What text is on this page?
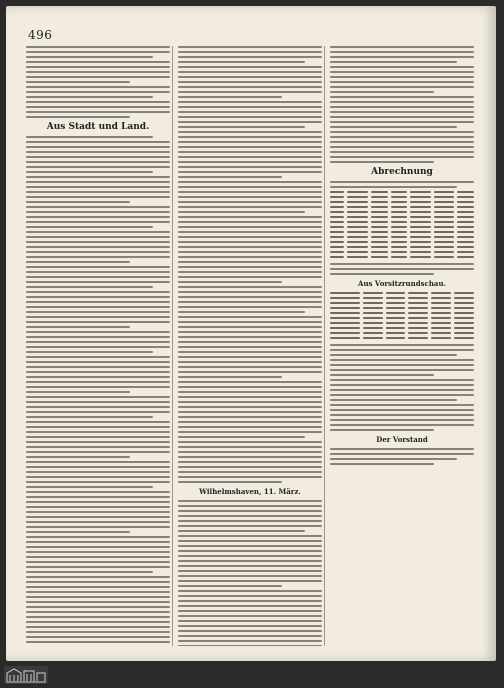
496
Aus Stadt und Land.
Wilhelmshaven, 11. März.
Abrechnung
Aus Vorsitzrundschau.
Der Vorstand
